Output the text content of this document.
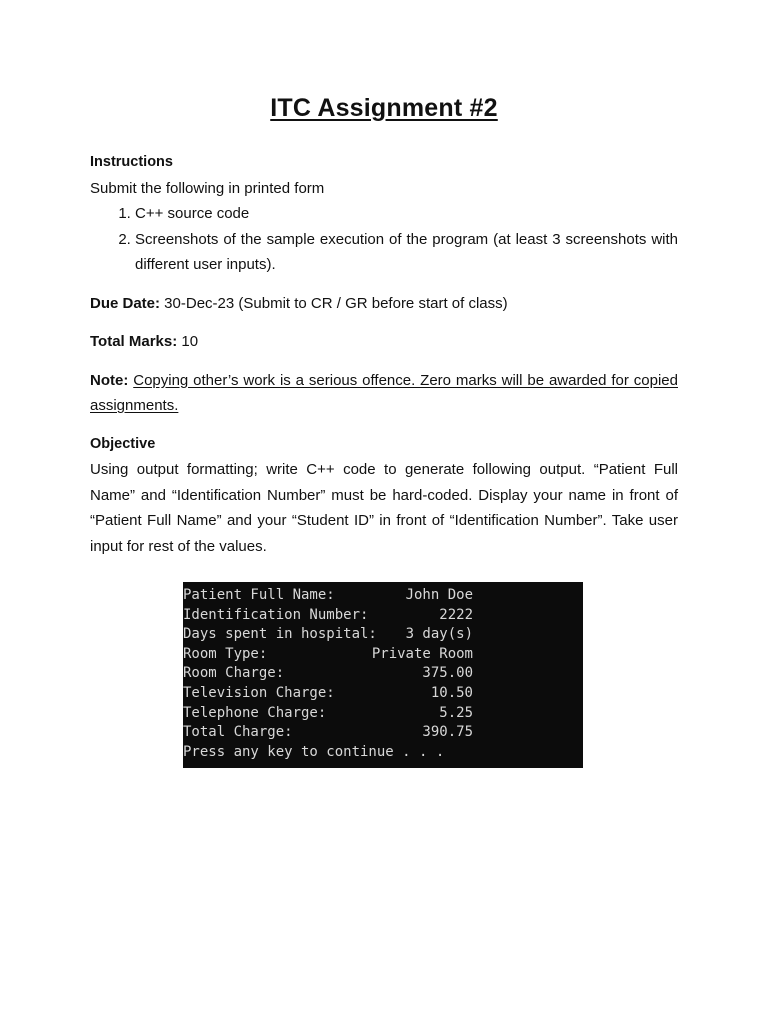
ITC Assignment #2
Instructions

Submit the following in printed form

1. C++ source code
2. Screenshots of the sample execution of the program (at least 3 screenshots with different user inputs).

Due Date: 30-Dec-23 (Submit to CR / GR before start of class)

Total Marks: 10

Note: Copying other’s work is a serious offence. Zero marks will be awarded for copied assignments.

Objective

Using output formatting; write C++ code to generate following output. “Patient Full Name” and “Identification Number” must be hard-coded. Display your name in front of “Patient Full Name” and your “Student ID” in front of “Identification Number”. Take user input for rest of the values.

Patient Full Name:	John Doe
Identification Number:	2222
Days spent in hospital: 3 day(s)
Room Type:	Private Room
Room Charge:	375.00
Television Charge:	10.50
Telephone Charge:	5.25
Total Charge:	390.75
Press any key to continue . . .
